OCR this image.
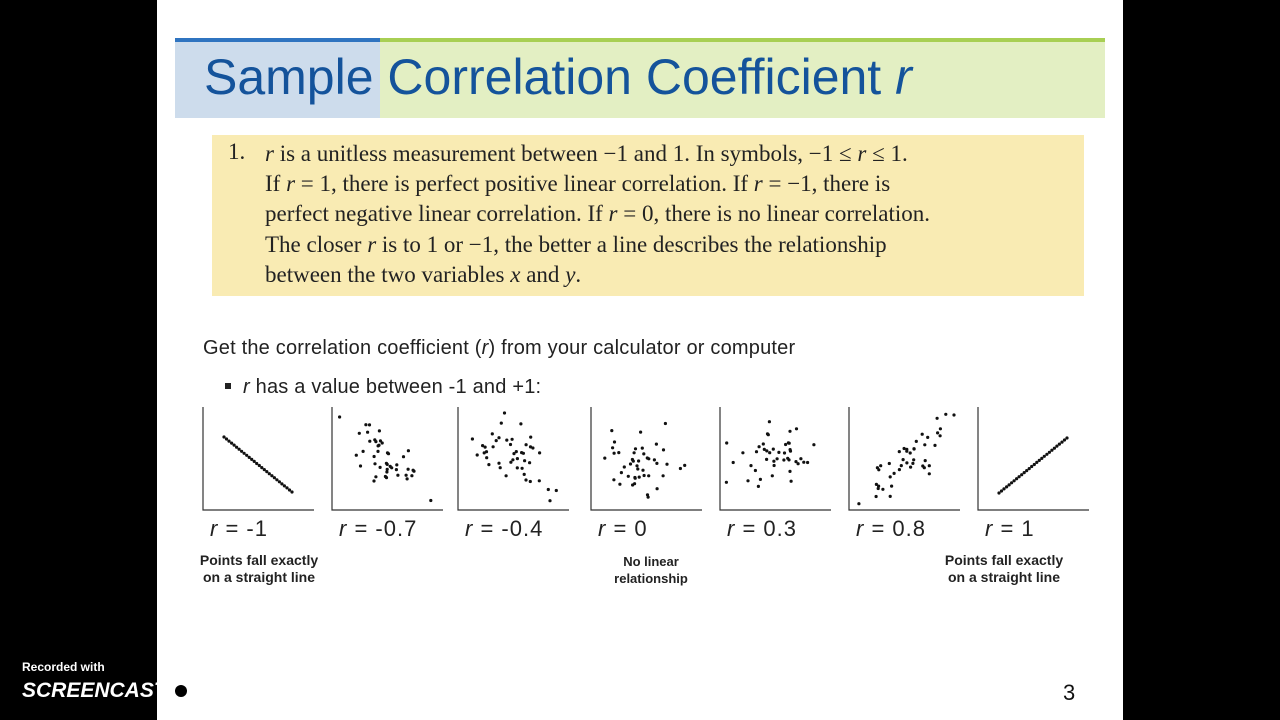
Sample Correlation Coefficient r
1. r is a unitless measurement between −1 and 1. In symbols, −1 ≤ r ≤ 1.
If r = 1, there is perfect positive linear correlation. If r = −1, there is
perfect negative linear correlation. If r = 0, there is no linear correlation.
The closer r is to 1 or −1, the better a line describes the relationship
between the two variables x and y.
Get the correlation coefficient (r) from your calculator or computer
r has a value between -1 and +1:
r = -1	r = -0.7 r = -0.4 r = 0	r = 0.3	r = 0.8	r = 1
Points fall exactly
on a straight line
No linear
relationship
Points fall exactly
on a straight line
3
Recorded with
SCREENCAST MATIC
